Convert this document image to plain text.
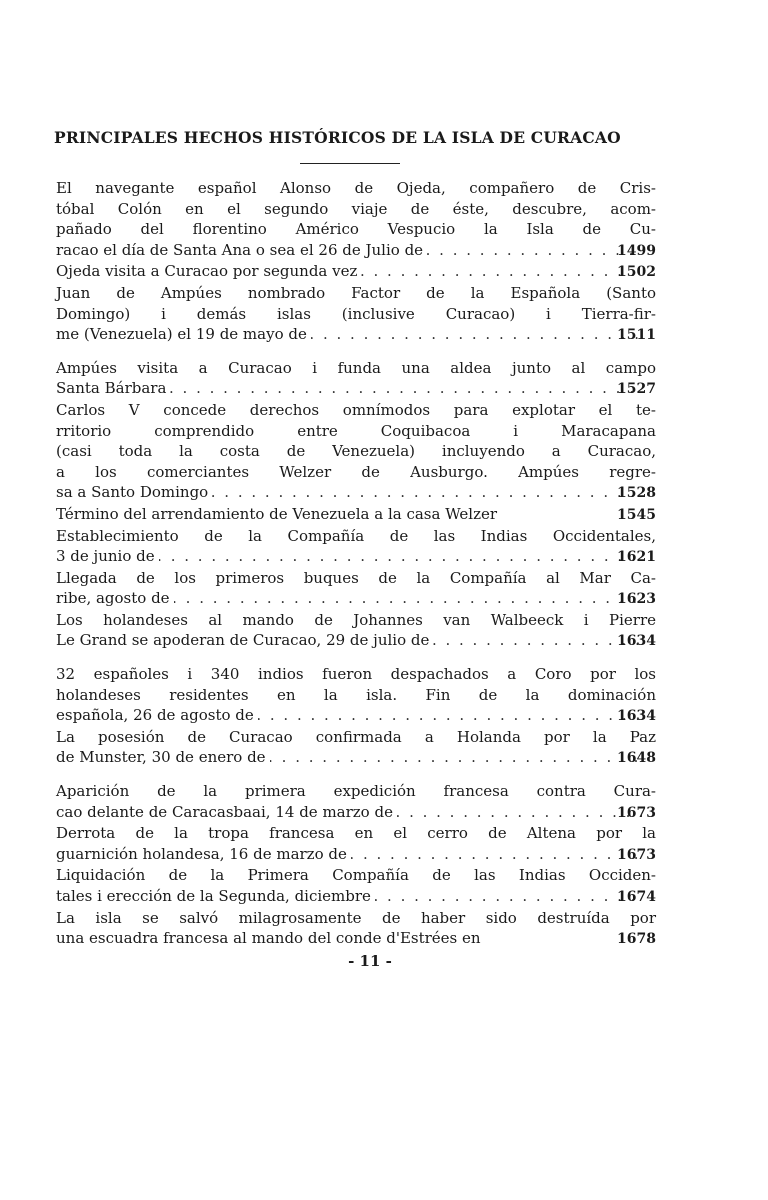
PRINCIPALES HECHOS HISTÓRICOS DE LA ISLA DE CURACAO
El navegante español Alonso de Ojeda, compañero de Cris-
tóbal Colón en el segundo viaje de éste, descubre, acom-
pañado del florentino Américo Vespucio la Isla de Cu-
racao el día de Santa Ana o sea el 26 de Julio de . . .	1499
Ojeda visita a Curacao por segunda vez . . .	1502
Juan de Ampúes nombrado Factor de la Española (Santo
Domingo) i demás islas (inclusive Curacao) i Tierra-fir-
me (Venezuela) el 19 de mayo de . . .	1511
Ampúes visita a Curacao i funda una aldea junto al campo
Santa Bárbara . . .	1527
Carlos V concede derechos omnímodos para explotar el te-
rritorio comprendido entre Coquibacoa i Maracapana
(casi toda la costa de Venezuela) incluyendo a Curacao,
a los comerciantes Welzer de Ausburgo. Ampúes regre-
sa a Santo Domingo . . .	1528
Término del arrendamiento de Venezuela a la casa Welzer	1545
Establecimiento de la Compañía de las Indias Occidentales,
3 de junio de . . .	1621
Llegada de los primeros buques de la Compañía al Mar Ca-
ribe, agosto de . . .	1623
Los holandeses al mando de Johannes van Walbeeck i Pierre
Le Grand se apoderan de Curacao, 29 de julio de . . .	1634
32 españoles i 340 indios fueron despachados a Coro por los
holandeses residentes en la isla. Fin de la dominación
española, 26 de agosto de . . .	1634
La posesión de Curacao confirmada a Holanda por la Paz
de Munster, 30 de enero de . . .	1648
Aparición de la primera expedición francesa contra Cura-
cao delante de Caracasbaai, 14 de marzo de . . .	1673
Derrota de la tropa francesa en el cerro de Altena por la
guarnición holandesa, 16 de marzo de . . .	1673
Liquidación de la Primera Compañía de las Indias Occiden-
tales i erección de la Segunda, diciembre . . .	1674
La isla se salvó milagrosamente de haber sido destruída por
una escuadra francesa al mando del conde d'Estrées en	1678
- 11 -
